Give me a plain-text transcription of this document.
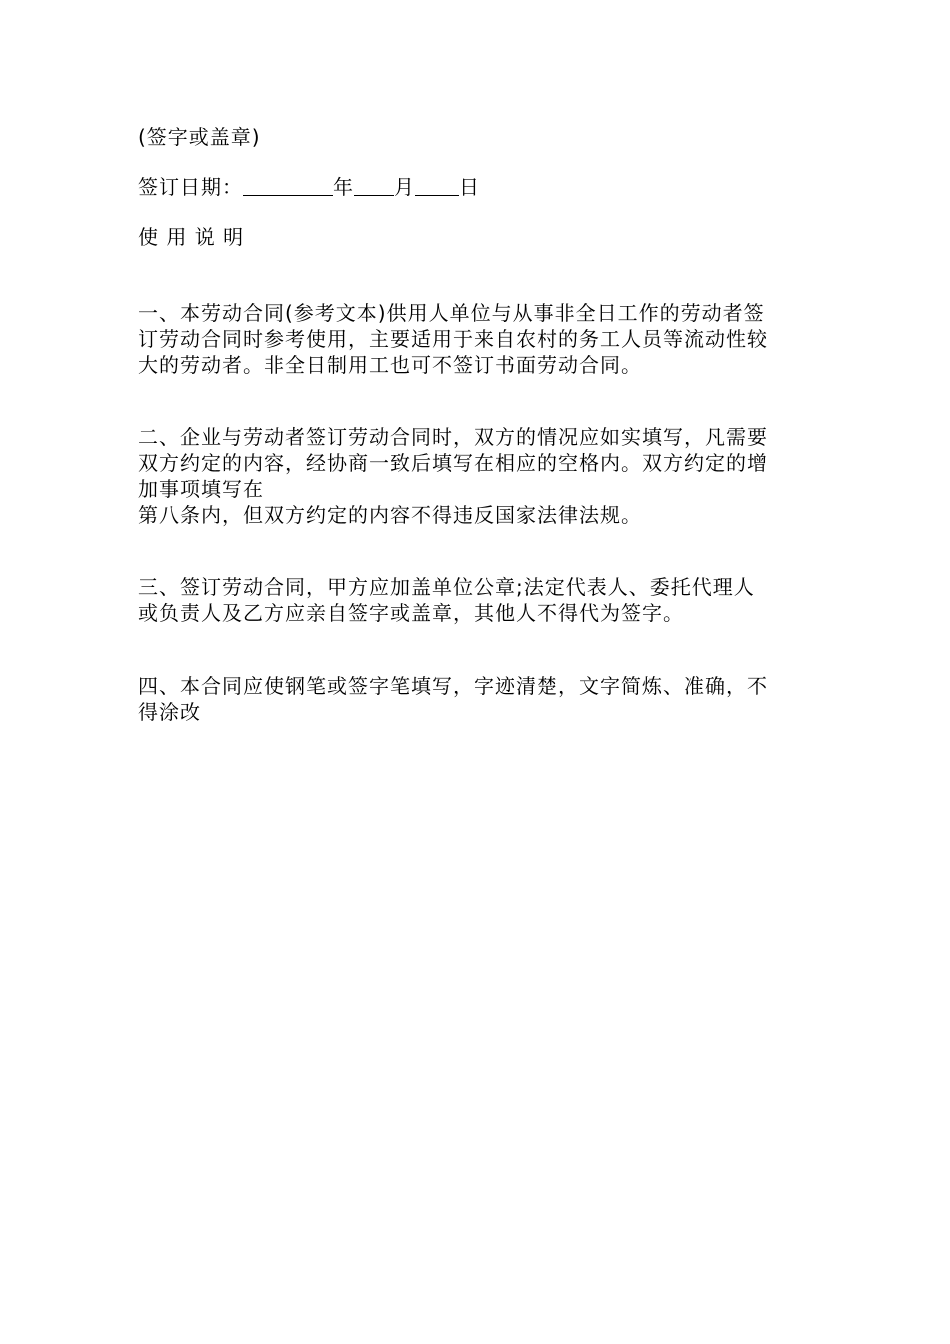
(签字或盖章)
签订日期：	年 月 日
使 用 说 明
一、本劳动合同(参考文本)供用人单位与从事非全日工作的劳动者签
订劳动合同时参考使用，主要适用于来自农村的务工人员等流动性较
大的劳动者。非全日制用工也可不签订书面劳动合同。
二、企业与劳动者签订劳动合同时，双方的情况应如实填写，凡需要
双方约定的内容，经协商一致后填写在相应的空格内。双方约定的增
加事项填写在
第八条内，但双方约定的内容不得违反国家法律法规。
三、签订劳动合同，甲方应加盖单位公章;法定代表人、委托代理人
或负责人及乙方应亲自签字或盖章，其他人不得代为签字。
四、本合同应使钢笔或签字笔填写，字迹清楚，文字简炼、准确，不
得涂改
